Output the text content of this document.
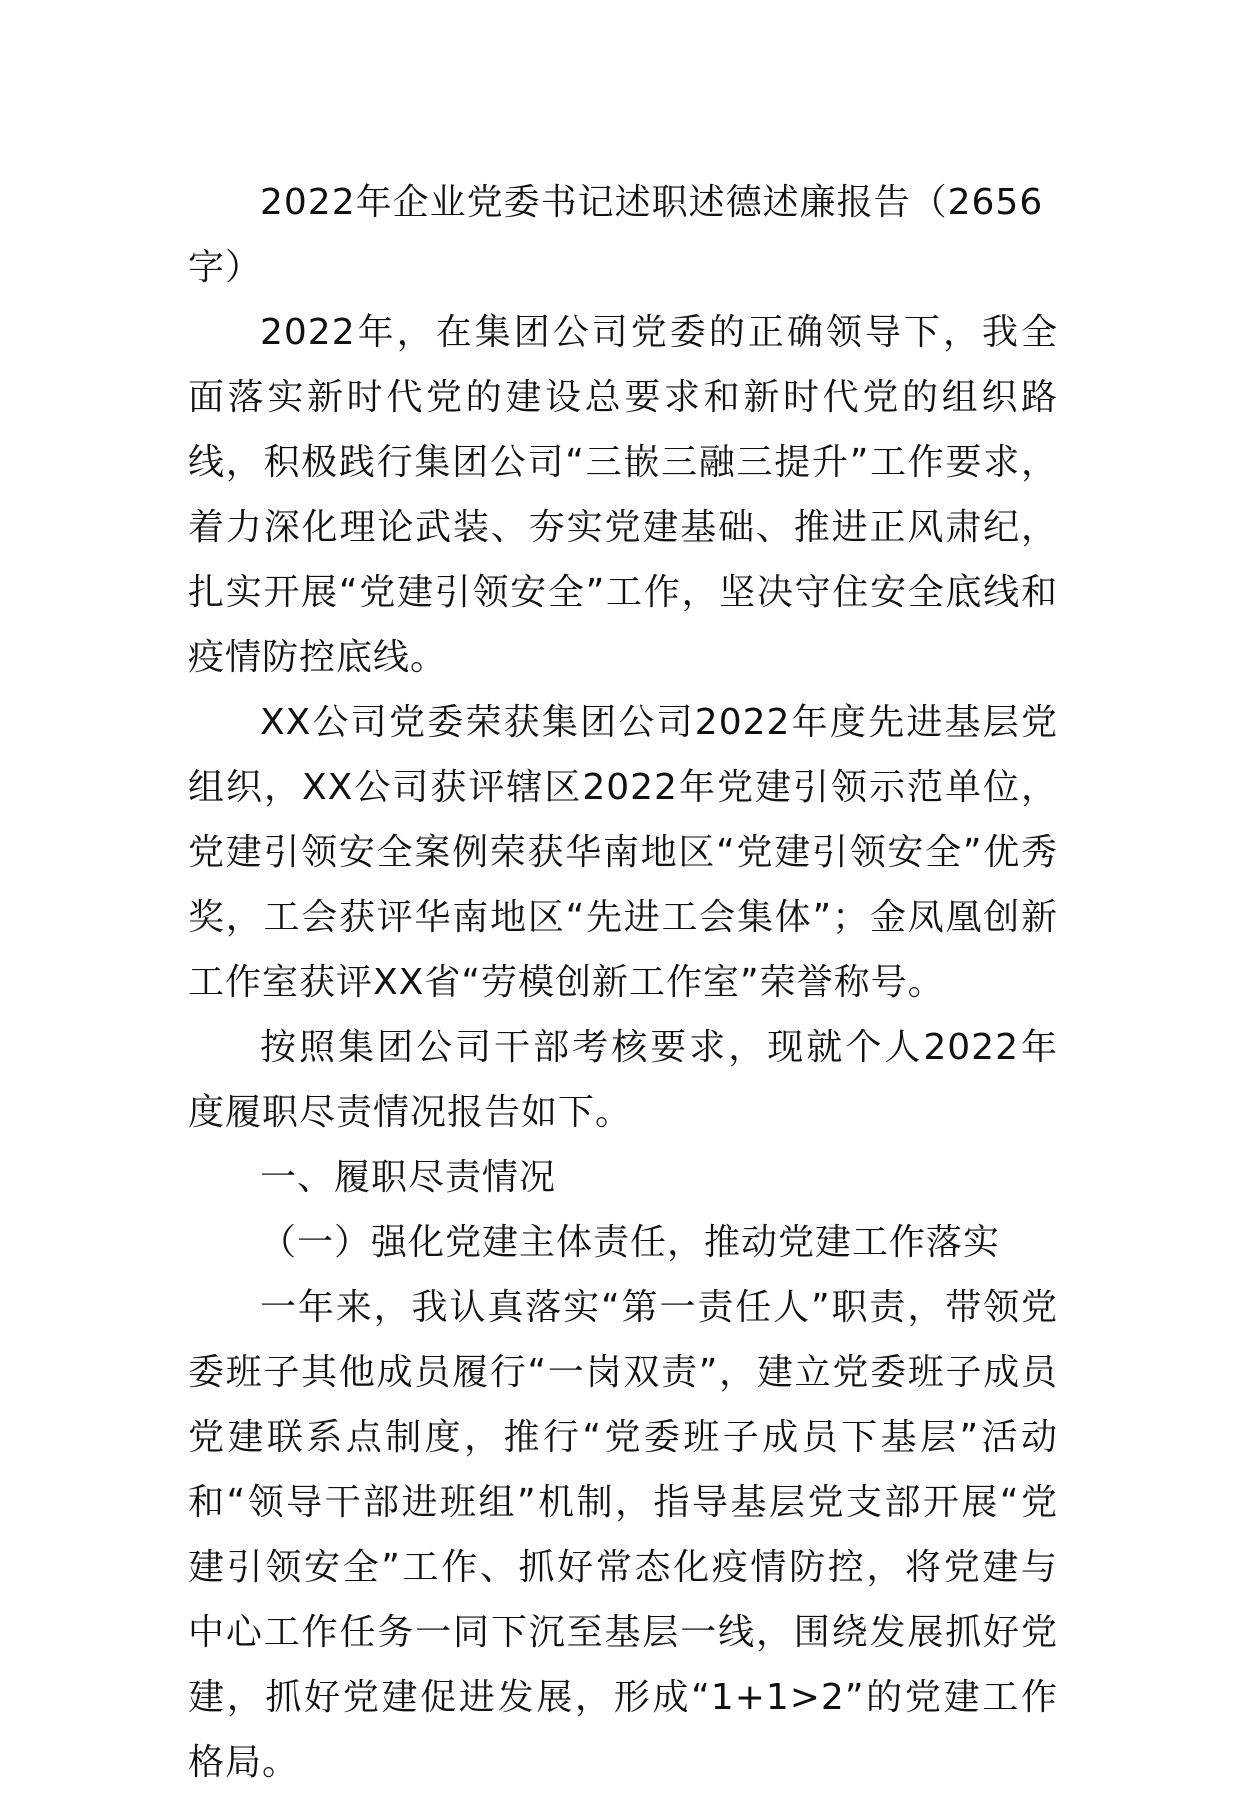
2022年企业党委书记述职述德述廉报告（2656字）

2022年，在集团公司党委的正确领导下，我全面落实新时代党的建设总要求和新时代党的组织路线，积极践行集团公司“三嵌三融三提升”工作要求，着力深化理论武装、夯实党建基础、推进正风肃纪，扎实开展“党建引领安全”工作，坚决守住安全底线和疫情防控底线。

XX公司党委荣获集团公司2022年度先进基层党组织，XX公司获评辖区2022年党建引领示范单位，党建引领安全案例荣获华南地区“党建引领安全”优秀奖，工会获评华南地区“先进工会集体”；金凤凰创新工作室获评XX省“劳模创新工作室”荣誉称号。

按照集团公司干部考核要求，现就个人2022年度履职尽责情况报告如下。

一、履职尽责情况

（一）强化党建主体责任，推动党建工作落实

一年来，我认真落实“第一责任人”职责，带领党委班子其他成员履行“一岗双责”，建立党委班子成员党建联系点制度，推行“党委班子成员下基层”活动和“领导干部进班组”机制，指导基层党支部开展“党建引领安全”工作、抓好常态化疫情防控，将党建与中心工作任务一同下沉至基层一线，围绕发展抓好党建，抓好党建促进发展，形成“1+1>2”的党建工作格局。
